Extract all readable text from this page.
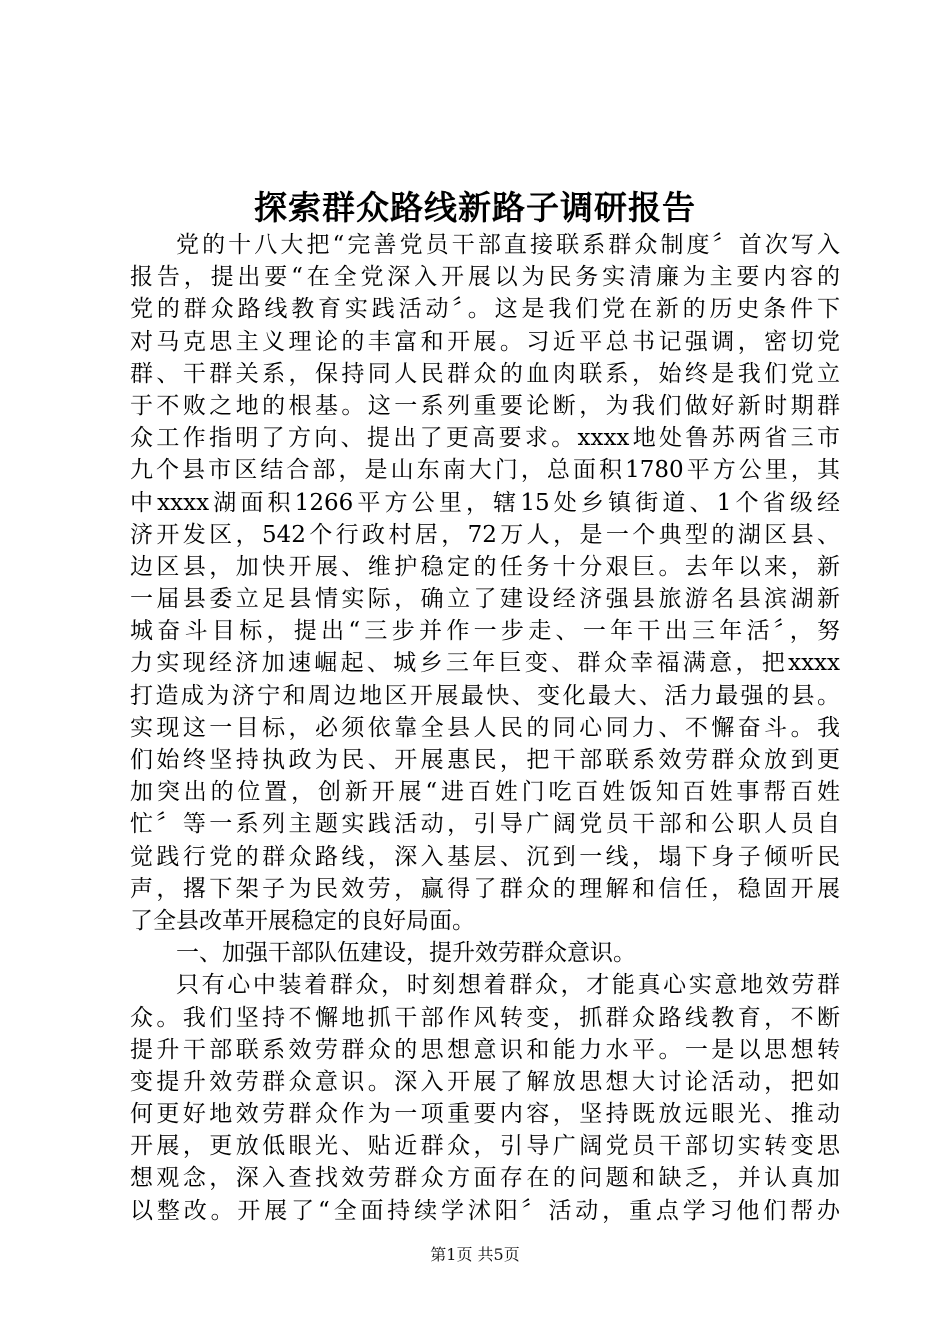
探索群众路线新路子调研报告
党的十八大把“完善党员干部直接联系群众制度〞首次写入
报告，提出要“在全党深入开展以为民务实清廉为主要内容的
党的群众路线教育实践活动〞。这是我们党在新的历史条件下
对马克思主义理论的丰富和开展。习近平总书记强调，密切党
群、干群关系，保持同人民群众的血肉联系，始终是我们党立
于不败之地的根基。这一系列重要论断，为我们做好新时期群
众工作指明了方向、提出了更高要求。xxxx地处鲁苏两省三市
九个县市区结合部，是山东南大门，总面积1780平方公里，其
中xxxx湖面积1266平方公里，辖15处乡镇街道、1个省级经
济开发区，542个行政村居，72万人，是一个典型的湖区县、
边区县，加快开展、维护稳定的任务十分艰巨。去年以来，新
一届县委立足县情实际，确立了建设经济强县旅游名县滨湖新
城奋斗目标，提出“三步并作一步走、一年干出三年活〞，努
力实现经济加速崛起、城乡三年巨变、群众幸福满意，把xxxx
打造成为济宁和周边地区开展最快、变化最大、活力最强的县。
实现这一目标，必须依靠全县人民的同心同力、不懈奋斗。我
们始终坚持执政为民、开展惠民，把干部联系效劳群众放到更
加突出的位置，创新开展“进百姓门吃百姓饭知百姓事帮百姓
忙〞等一系列主题实践活动，引导广阔党员干部和公职人员自
觉践行党的群众路线，深入基层、沉到一线，塌下身子倾听民
声，撂下架子为民效劳，赢得了群众的理解和信任，稳固开展
了全县改革开展稳定的良好局面。
一、加强干部队伍建设，提升效劳群众意识。
只有心中装着群众，时刻想着群众，才能真心实意地效劳群
众。我们坚持不懈地抓干部作风转变，抓群众路线教育，不断
提升干部联系效劳群众的思想意识和能力水平。一是以思想转
变提升效劳群众意识。深入开展了解放思想大讨论活动，把如
何更好地效劳群众作为一项重要内容，坚持既放远眼光、推动
开展，更放低眼光、贴近群众，引导广阔党员干部切实转变思
想观念，深入查找效劳群众方面存在的问题和缺乏，并认真加
以整改。开展了“全面持续学沭阳〞活动，重点学习他们帮办
第1页 共5页
